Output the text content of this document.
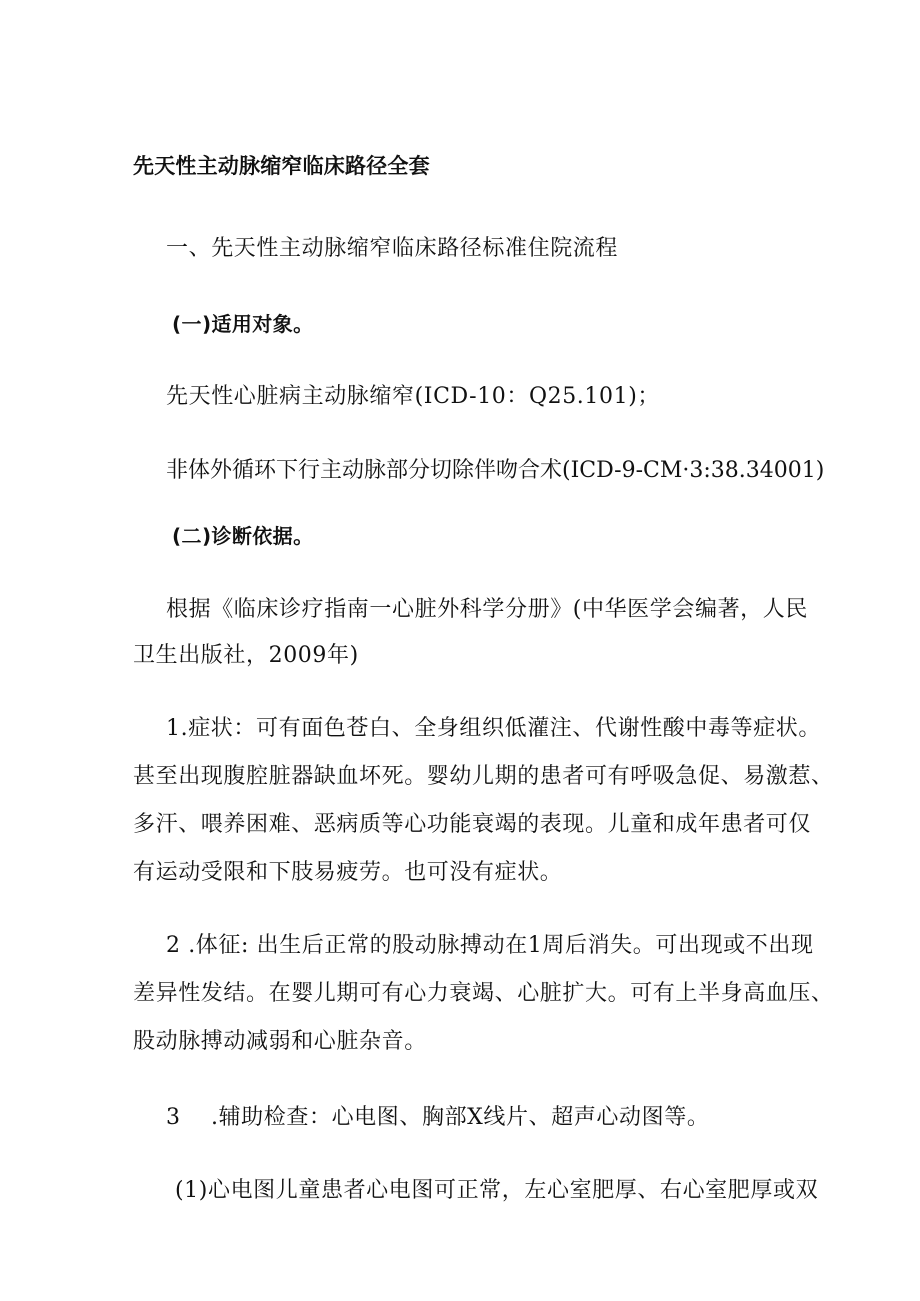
先天性主动脉缩窄临床路径全套
一、先天性主动脉缩窄临床路径标准住院流程
(一)适用对象。
先天性心脏病主动脉缩窄(ICD-10：Q25.101)；
非体外循环下行主动脉部分切除伴吻合术(ICD-9-CM·3:38.34001)
(二)诊断依据。
根据《临床诊疗指南一心脏外科学分册》(中华医学会编著，人民
卫生出版社，2009年)
1.症状：可有面色苍白、全身组织低灌注、代谢性酸中毒等症状。
甚至出现腹腔脏器缺血坏死。婴幼儿期的患者可有呼吸急促、易激惹、
多汗、喂养困难、恶病质等心功能衰竭的表现。儿童和成年患者可仅
有运动受限和下肢易疲劳。也可没有症状。
2 .体征: 出生后正常的股动脉搏动在1周后消失。可出现或不出现
差异性发结。在婴儿期可有心力衰竭、心脏扩大。可有上半身高血压、
股动脉搏动减弱和心脏杂音。
3    .辅助检查：心电图、胸部X线片、超声心动图等。
(1)心电图儿童患者心电图可正常，左心室肥厚、右心室肥厚或双
